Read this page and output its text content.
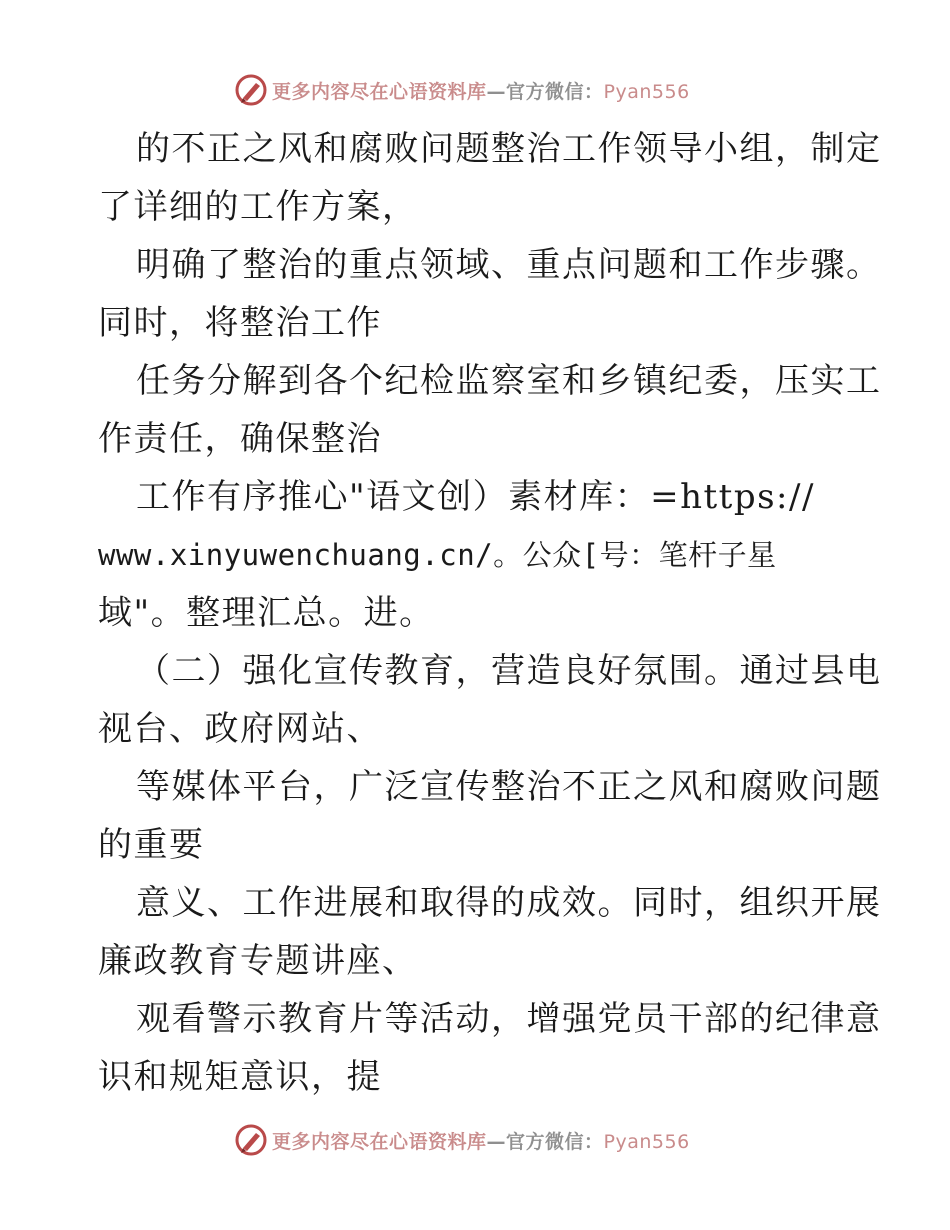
更多内容尽在心语资料库—官方微信：Pyan556
的不正之风和腐败问题整治工作领导小组，制定
了详细的工作方案，
明确了整治的重点领域、重点问题和工作步骤。
同时，将整治工作
任务分解到各个纪检监察室和乡镇纪委，压实工
作责任，确保整治
工作有序推心"语文创）素材库：=https://
www.xinyuwenchuang.cn/。公众[号：笔杆子星
域"。整理汇总。进。
（二）强化宣传教育，营造良好氛围。通过县电
视台、政府网站、
等媒体平台，广泛宣传整治不正之风和腐败问题
的重要
意义、工作进展和取得的成效。同时，组织开展
廉政教育专题讲座、
观看警示教育片等活动，增强党员干部的纪律意
识和规矩意识，提
更多内容尽在心语资料库—官方微信：Pyan556
